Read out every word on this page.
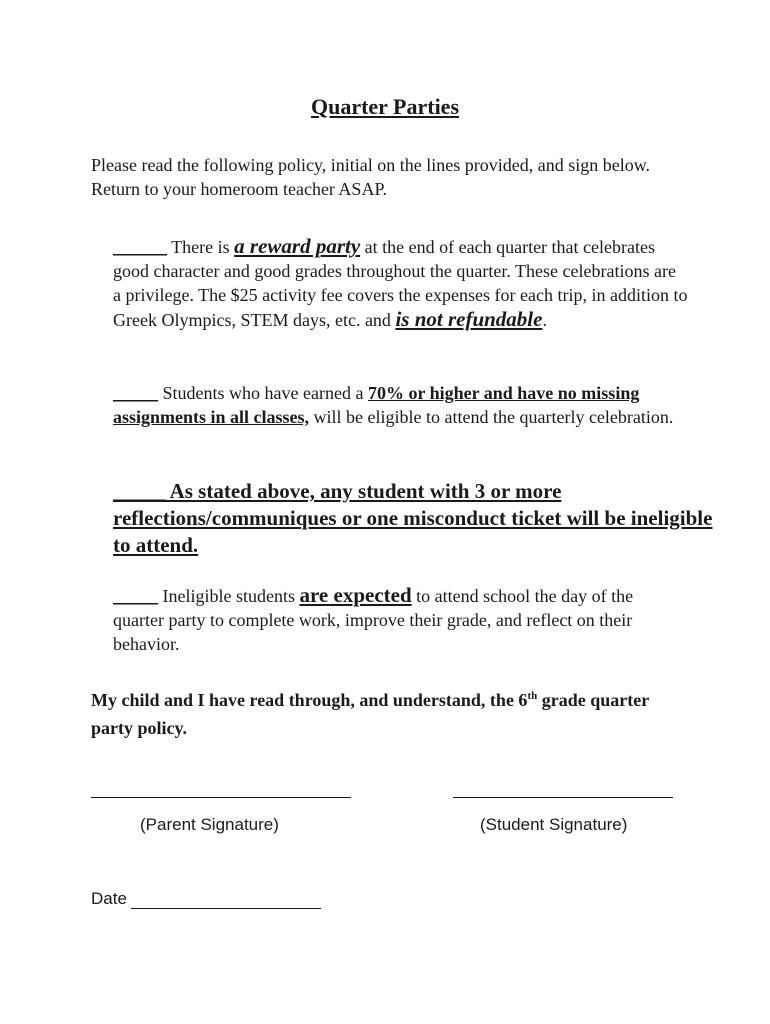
Quarter Parties

Please read the following policy, initial on the lines provided, and sign below. Return to your homeroom teacher ASAP.

______ There is a reward party at the end of each quarter that celebrates good character and good grades throughout the quarter. These celebrations are a privilege. The $25 activity fee covers the expenses for each trip, in addition to Greek Olympics, STEM days, etc. and is not refundable.

_____ Students who have earned a 70% or higher and have no missing assignments in all classes, will be eligible to attend the quarterly celebration.

_____ As stated above, any student with 3 or more reflections/communiques or one misconduct ticket will be ineligible to attend.

_____ Ineligible students are expected to attend school the day of the quarter party to complete work, improve their grade, and reflect on their behavior.

My child and I have read through, and understand, the 6th grade quarter party policy.

(Parent Signature)	(Student Signature)
Date
